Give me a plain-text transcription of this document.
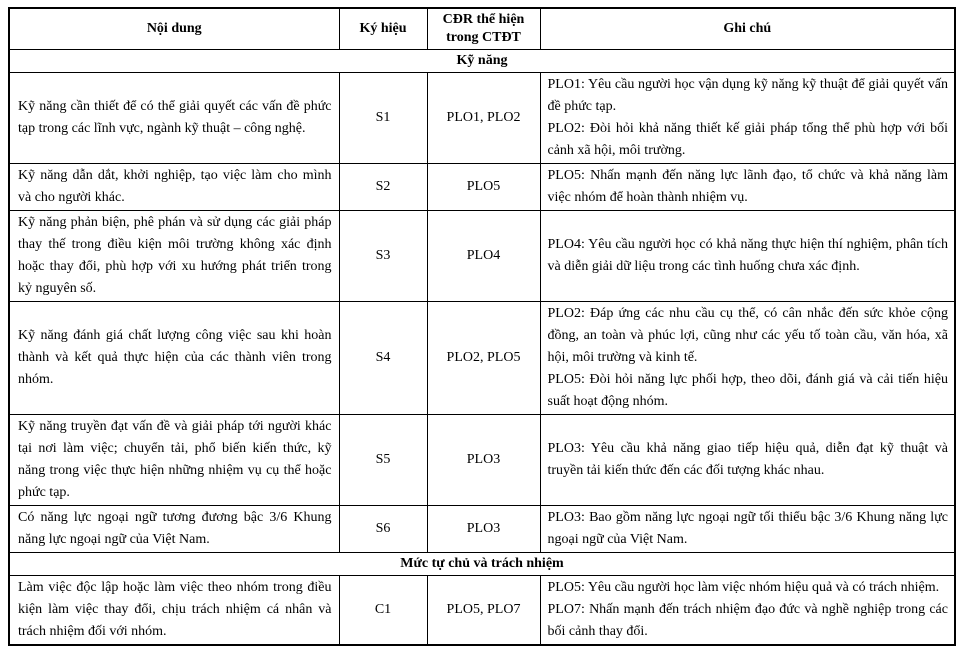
Nội dung	Ký hiệu	CĐR thể hiện trong CTĐT	Ghi chú
Kỹ năng			
Kỹ năng cần thiết để có thể giải quyết các vấn đề phức tạp trong các lĩnh vực, ngành kỹ thuật – công nghệ.	S1	PLO1, PLO2	PLO1: Yêu cầu người học vận dụng kỹ năng kỹ thuật để giải quyết vấn đề phức tạp.
PLO2: Đòi hỏi khả năng thiết kế giải pháp tổng thể phù hợp với bối cảnh xã hội, môi trường.

Kỹ năng dẫn dắt, khởi nghiệp, tạo việc làm cho mình và cho người khác.	S2	PLO5	PLO5: Nhấn mạnh đến năng lực lãnh đạo, tổ chức và khả năng làm việc nhóm để hoàn thành nhiệm vụ.

Kỹ năng phản biện, phê phán và sử dụng các giải pháp thay thế trong điều kiện môi trường không xác định hoặc thay đổi, phù hợp với xu hướng phát triển trong kỷ nguyên số.	S3	PLO4	PLO4: Yêu cầu người học có khả năng thực hiện thí nghiệm, phân tích và diễn giải dữ liệu trong các tình huống chưa xác định.

Kỹ năng đánh giá chất lượng công việc sau khi hoàn thành và kết quả thực hiện của các thành viên trong nhóm.	S4	PLO2, PLO5	PLO2: Đáp ứng các nhu cầu cụ thể, có cân nhắc đến sức khỏe cộng đồng, an toàn và phúc lợi, cũng như các yếu tố toàn cầu, văn hóa, xã hội, môi trường và kinh tế.
PLO5: Đòi hỏi năng lực phối hợp, theo dõi, đánh giá và cải tiến hiệu suất hoạt động nhóm.

Kỹ năng truyền đạt vấn đề và giải pháp tới người khác tại nơi làm việc; chuyển tải, phổ biến kiến thức, kỹ năng trong việc thực hiện những nhiệm vụ cụ thể hoặc phức tạp.	S5	PLO3	PLO3: Yêu cầu khả năng giao tiếp hiệu quả, diễn đạt kỹ thuật và truyền tải kiến thức đến các đối tượng khác nhau.

Có năng lực ngoại ngữ tương đương bậc 3/6 Khung năng lực ngoại ngữ của Việt Nam.	S6	PLO3	PLO3: Bao gồm năng lực ngoại ngữ tối thiểu bậc 3/6 Khung năng lực ngoại ngữ của Việt Nam.

Mức tự chủ và trách nhiệm			
Làm việc độc lập hoặc làm việc theo nhóm trong điều kiện làm việc thay đổi, chịu trách nhiệm cá nhân và trách nhiệm đối với nhóm.	C1	PLO5, PLO7	PLO5: Yêu cầu người học làm việc nhóm hiệu quả và có trách nhiệm.
PLO7: Nhấn mạnh đến trách nhiệm đạo đức và nghề nghiệp trong các bối cảnh thay đổi.
